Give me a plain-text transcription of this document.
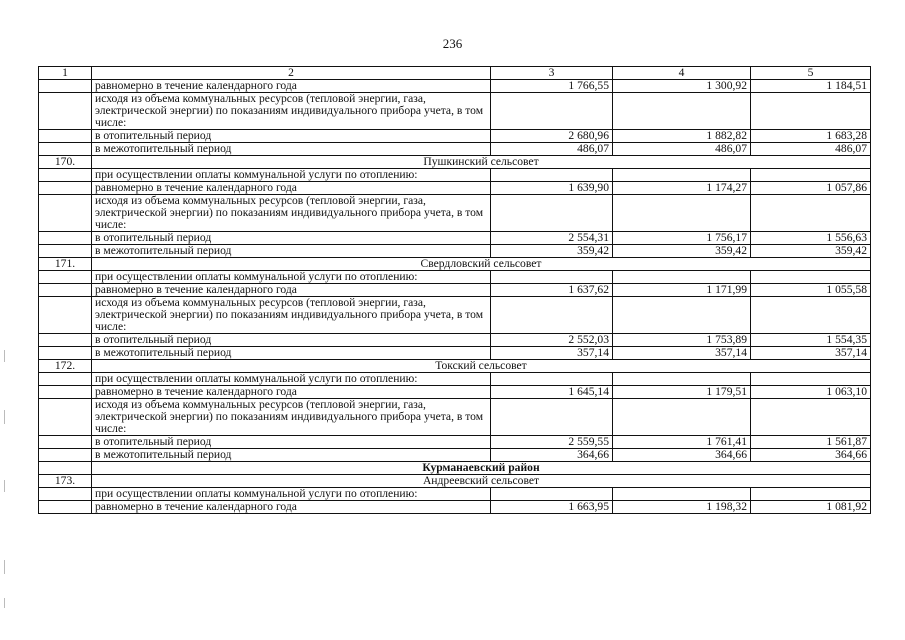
236
1	2	3	4	5
	равномерно в течение календарного года	1 766,55	1 300,92	1 184,51
	исходя из объема коммунальных ресурсов (тепловой энергии, газа, электрической энергии) по показаниям индивидуального прибора учета, в том числе:			
	в отопительный период	2 680,96	1 882,82	1 683,28
	в межотопительный период	486,07	486,07	486,07
170.	Пушкинский сельсовет			
	при осуществлении оплаты коммунальной услуги по отоплению:			
	равномерно в течение календарного года	1 639,90	1 174,27	1 057,86
	исходя из объема коммунальных ресурсов (тепловой энергии, газа, электрической энергии) по показаниям индивидуального прибора учета, в том числе:			
	в отопительный период	2 554,31	1 756,17	1 556,63
	в межотопительный период	359,42	359,42	359,42
171.	Свердловский сельсовет			
	при осуществлении оплаты коммунальной услуги по отоплению:			
	равномерно в течение календарного года	1 637,62	1 171,99	1 055,58
	исходя из объема коммунальных ресурсов (тепловой энергии, газа, электрической энергии) по показаниям индивидуального прибора учета, в том числе:			
	в отопительный период	2 552,03	1 753,89	1 554,35
	в межотопительный период	357,14	357,14	357,14
172.	Токский сельсовет			
	при осуществлении оплаты коммунальной услуги по отоплению:			
	равномерно в течение календарного года	1 645,14	1 179,51	1 063,10
	исходя из объема коммунальных ресурсов (тепловой энергии, газа, электрической энергии) по показаниям индивидуального прибора учета, в том числе:			
	в отопительный период	2 559,55	1 761,41	1 561,87
	в межотопительный период	364,66	364,66	364,66
	Курманаевский район			
173.	Андреевский сельсовет			
	при осуществлении оплаты коммунальной услуги по отоплению:			
	равномерно в течение календарного года	1 663,95	1 198,32	1 081,92
